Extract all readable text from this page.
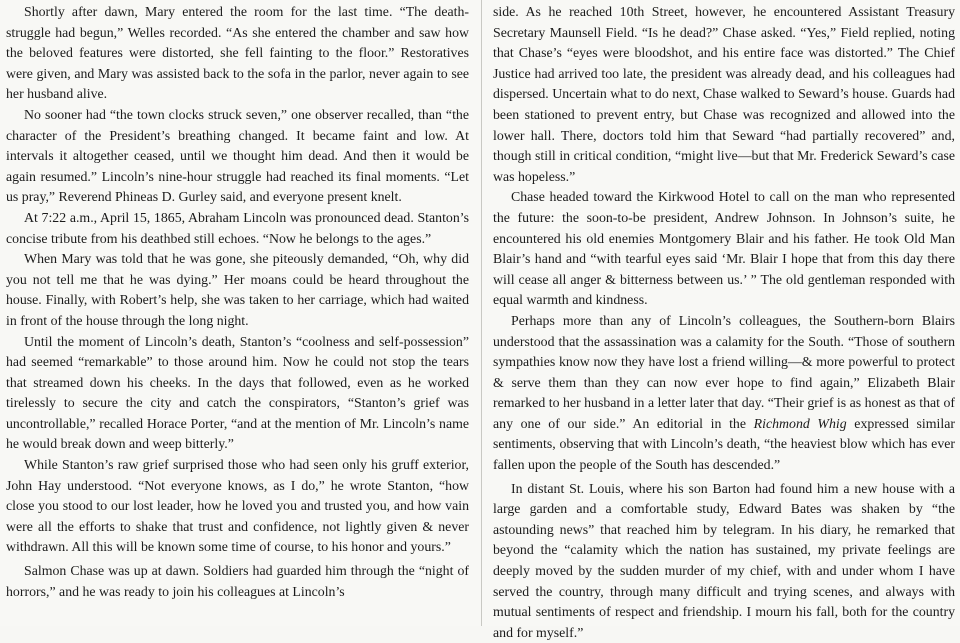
Shortly after dawn, Mary entered the room for the last time. “The death-struggle had begun,” Welles recorded. “As she entered the chamber and saw how the beloved features were distorted, she fell fainting to the floor.” Restoratives were given, and Mary was assisted back to the sofa in the parlor, never again to see her husband alive.

No sooner had “the town clocks struck seven,” one observer recalled, than “the character of the President’s breathing changed. It became faint and low. At intervals it altogether ceased, until we thought him dead. And then it would be again resumed.” Lincoln’s nine-hour struggle had reached its final moments. “Let us pray,” Reverend Phineas D. Gurley said, and everyone present knelt.

At 7:22 a.m., April 15, 1865, Abraham Lincoln was pronounced dead. Stanton’s concise tribute from his deathbed still echoes. “Now he belongs to the ages.”

When Mary was told that he was gone, she piteously demanded, “Oh, why did you not tell me that he was dying.” Her moans could be heard throughout the house. Finally, with Robert’s help, she was taken to her carriage, which had waited in front of the house through the long night.

Until the moment of Lincoln’s death, Stanton’s “coolness and self-possession” had seemed “remarkable” to those around him. Now he could not stop the tears that streamed down his cheeks. In the days that followed, even as he worked tirelessly to secure the city and catch the conspirators, “Stanton’s grief was uncontrollable,” recalled Horace Porter, “and at the mention of Mr. Lincoln’s name he would break down and weep bitterly.”

While Stanton’s raw grief surprised those who had seen only his gruff exterior, John Hay understood. “Not everyone knows, as I do,” he wrote Stanton, “how close you stood to our lost leader, how he loved you and trusted you, and how vain were all the efforts to shake that trust and confidence, not lightly given & never withdrawn. All this will be known some time of course, to his honor and yours.”

Salmon Chase was up at dawn. Soldiers had guarded him through the “night of horrors,” and he was ready to join his colleagues at Lincoln’s

side. As he reached 10th Street, however, he encountered Assistant Treasury Secretary Maunsell Field. “Is he dead?” Chase asked. “Yes,” Field replied, noting that Chase’s “eyes were bloodshot, and his entire face was distorted.” The Chief Justice had arrived too late, the president was already dead, and his colleagues had dispersed. Uncertain what to do next, Chase walked to Seward’s house. Guards had been stationed to prevent entry, but Chase was recognized and allowed into the lower hall. There, doctors told him that Seward “had partially recovered” and, though still in critical condition, “might live—but that Mr. Frederick Seward’s case was hopeless.”

Chase headed toward the Kirkwood Hotel to call on the man who represented the future: the soon-to-be president, Andrew Johnson. In Johnson’s suite, he encountered his old enemies Montgomery Blair and his father. He took Old Man Blair’s hand and “with tearful eyes said ‘Mr. Blair I hope that from this day there will cease all anger & bitterness between us.’ ” The old gentleman responded with equal warmth and kindness.

Perhaps more than any of Lincoln’s colleagues, the Southern-born Blairs understood that the assassination was a calamity for the South. “Those of southern sympathies know now they have lost a friend willing—& more powerful to protect & serve them than they can now ever hope to find again,” Elizabeth Blair remarked to her husband in a letter later that day. “Their grief is as honest as that of any one of our side.” An editorial in the Richmond Whig expressed similar sentiments, observing that with Lincoln’s death, “the heaviest blow which has ever fallen upon the people of the South has descended.”

In distant St. Louis, where his son Barton had found him a new house with a large garden and a comfortable study, Edward Bates was shaken by “the astounding news” that reached him by telegram. In his diary, he remarked that beyond the “calamity which the nation has sustained, my private feelings are deeply moved by the sudden murder of my chief, with and under whom I have served the country, through many difficult and trying scenes, and always with mutual sentiments of respect and friendship. I mourn his fall, both for the country and for myself.”
